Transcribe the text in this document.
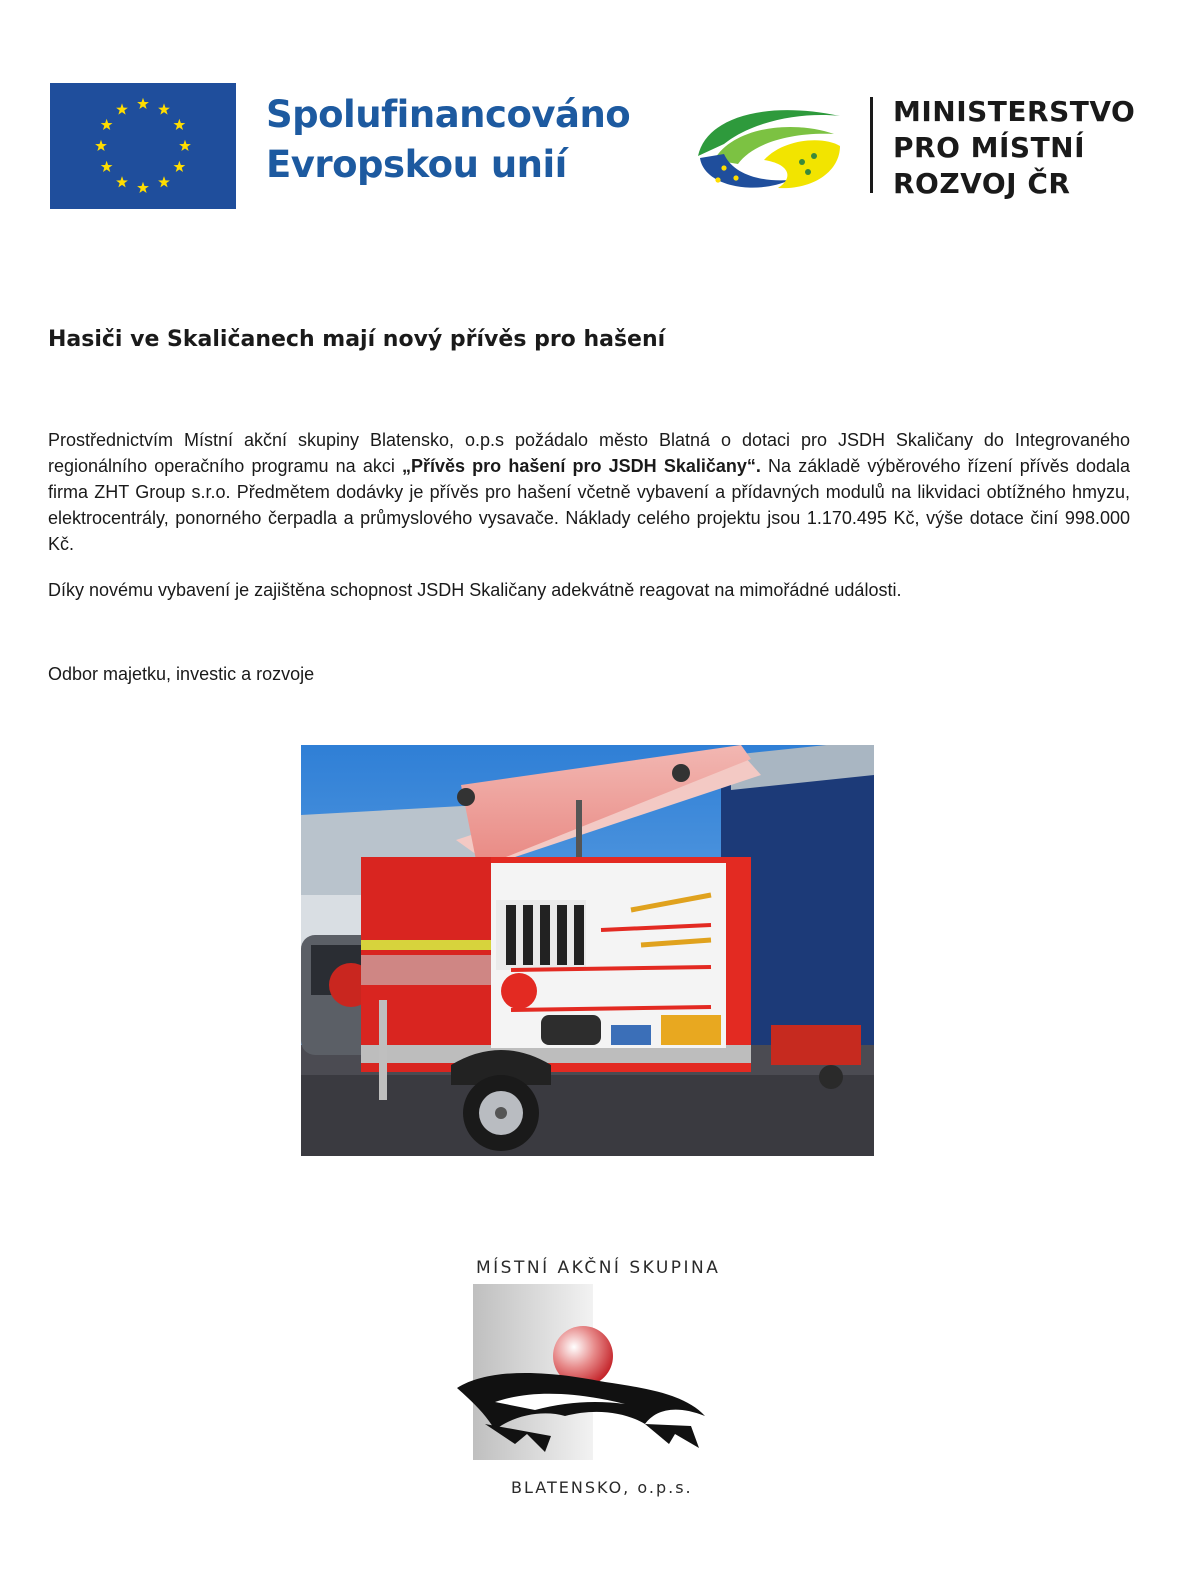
Spolufinancováno
Evropskou unií
MINISTERSTVO
PRO MÍSTNÍ
ROZVOJ ČR
Hasiči ve Skaličanech mají nový přívěs pro hašení
Prostřednictvím Místní akční skupiny Blatensko, o.p.s požádalo město Blatná o dotaci pro JSDH Skaličany do Integrovaného regionálního operačního programu na akci „Přívěs pro hašení pro JSDH Skaličany“. Na základě výběrového řízení přívěs dodala firma ZHT Group s.r.o. Předmětem dodávky je přívěs pro hašení včetně vybavení a přídavných modulů na likvidaci obtížného hmyzu, elektrocentrály, ponorného čerpadla a průmyslového vysavače. Náklady celého projektu jsou 1.170.495 Kč, výše dotace činí 998.000 Kč.
Díky novému vybavení je zajištěna schopnost JSDH Skaličany adekvátně reagovat na mimořádné události.
Odbor majetku, investic a rozvoje
MÍSTNÍ AKČNÍ SKUPINA
BLATENSKO, o.p.s.
